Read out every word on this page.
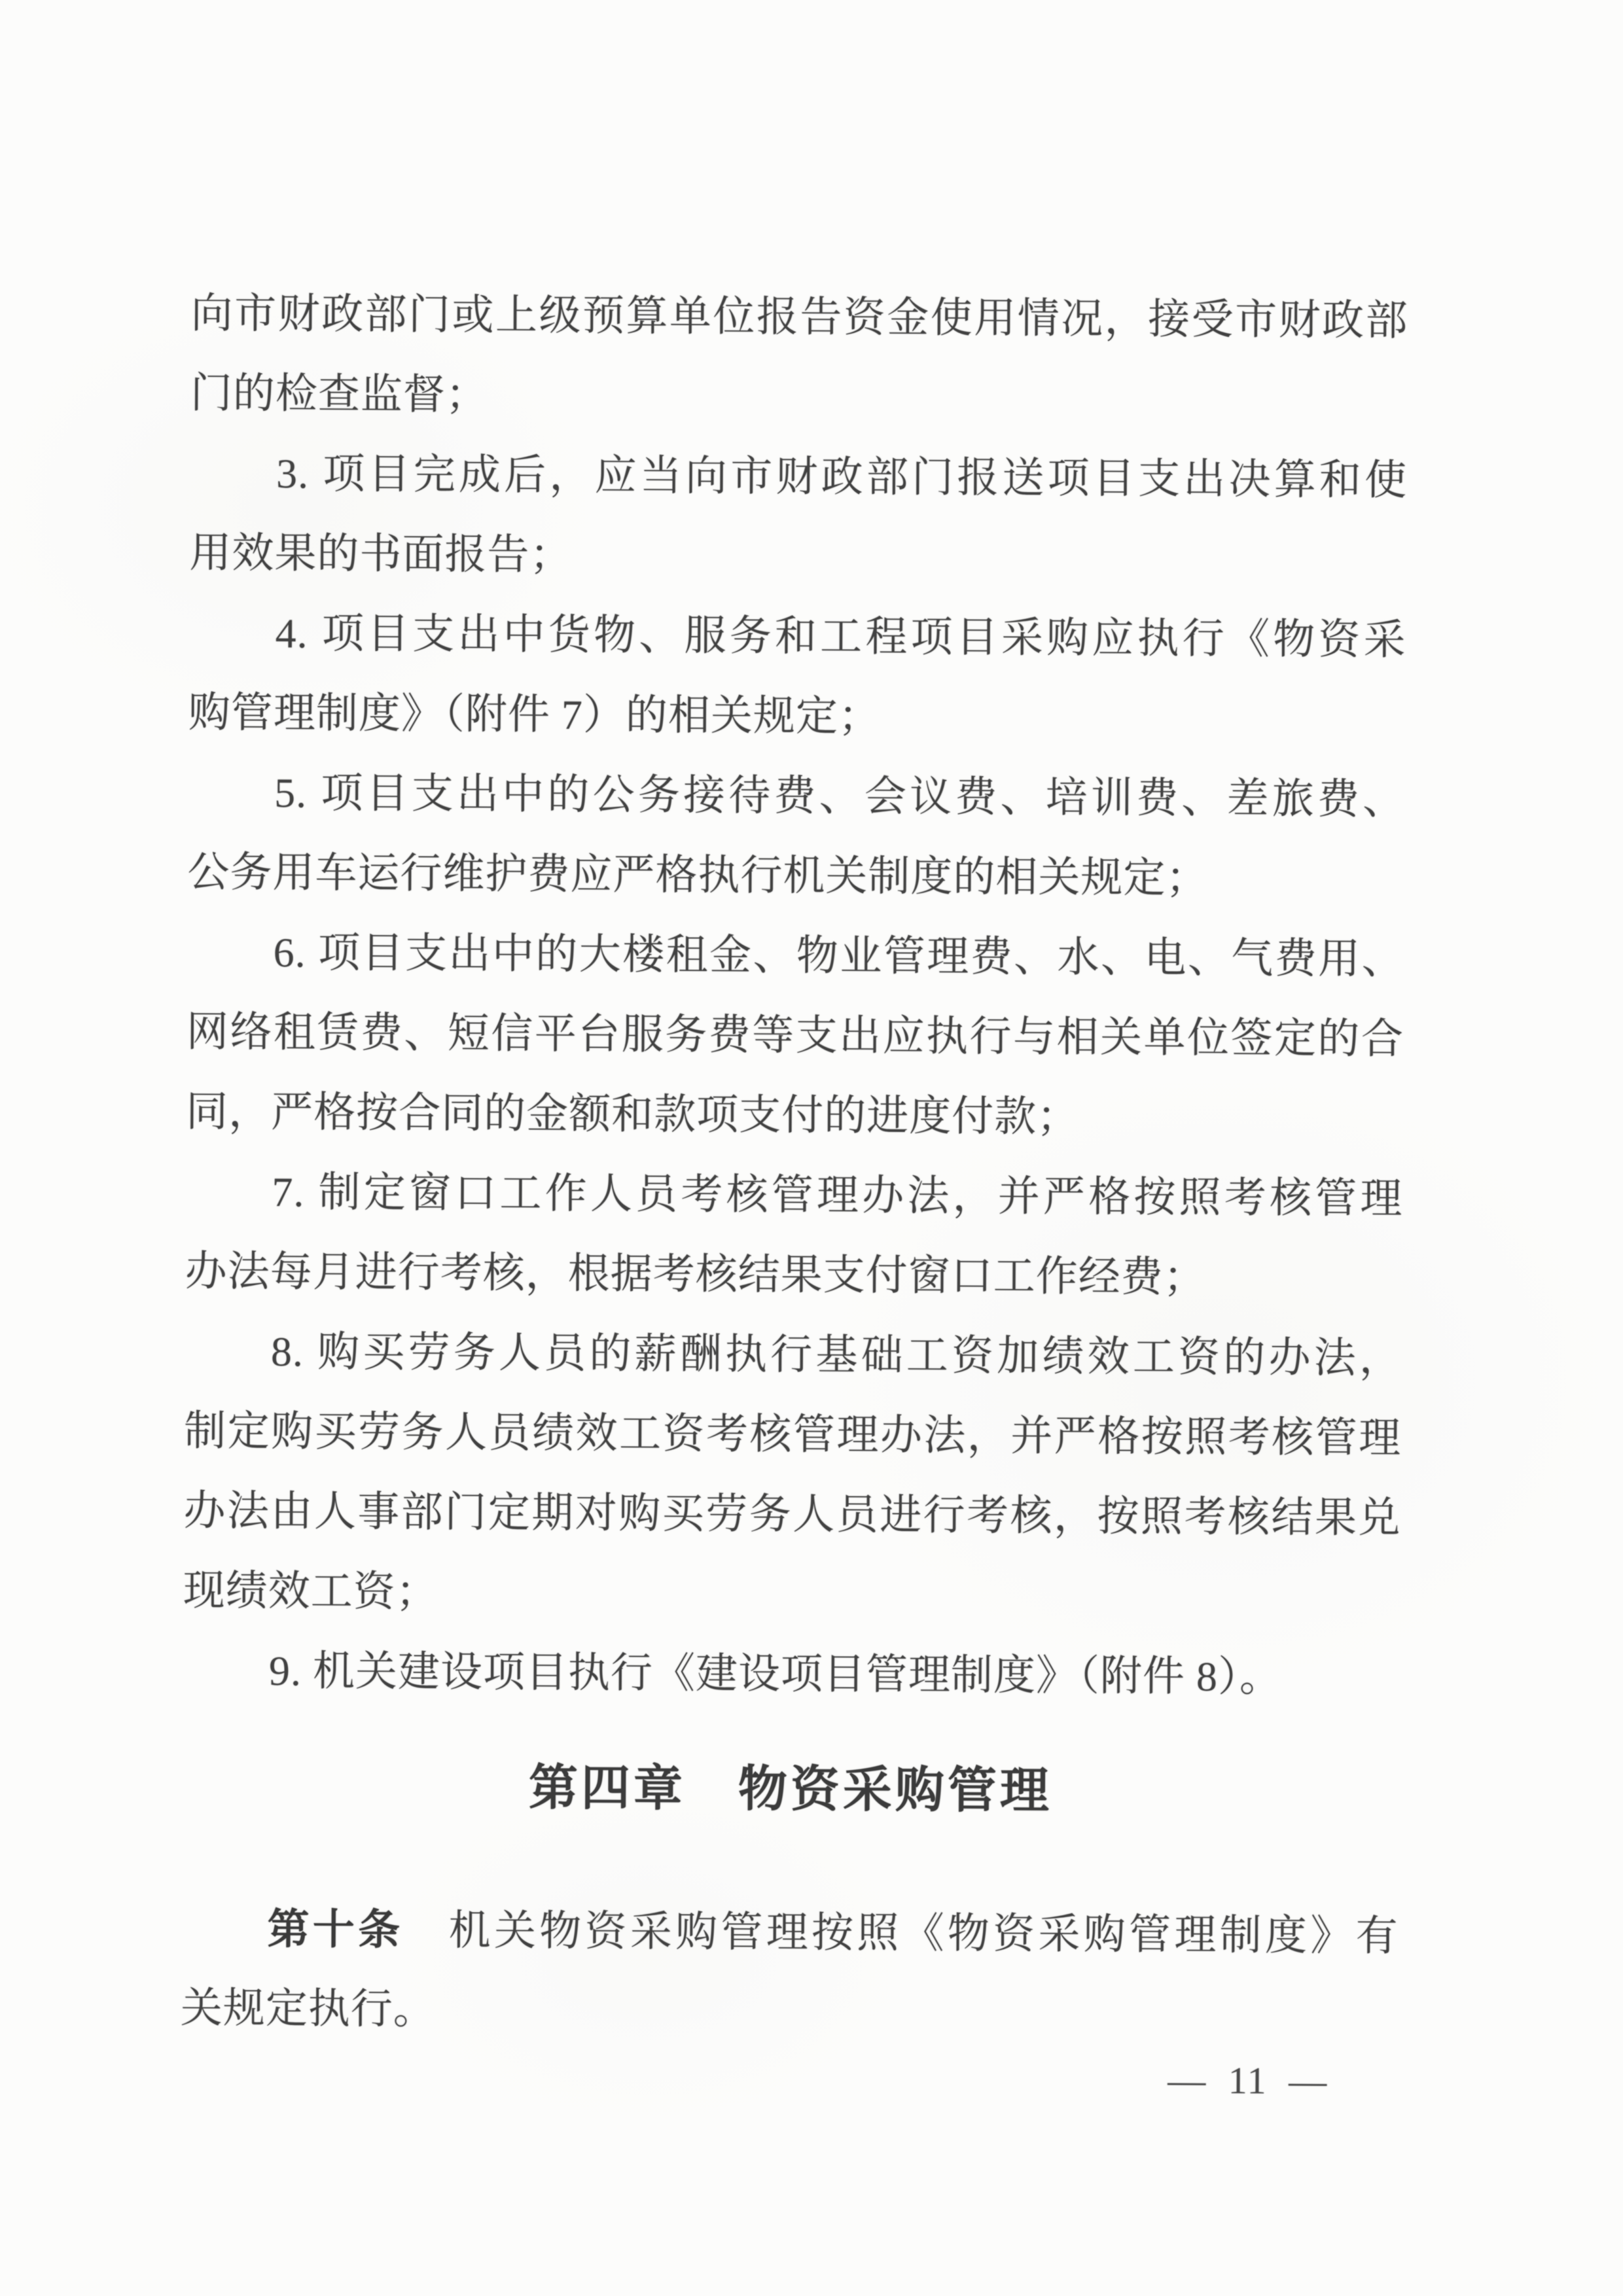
向市财政部门或上级预算单位报告资金使用情况，接受市财政部
门的检查监督；
3. 项目完成后，应当向市财政部门报送项目支出决算和使
用效果的书面报告；
4. 项目支出中货物、服务和工程项目采购应执行《物资采
购管理制度》（附件 7）的相关规定；
5. 项目支出中的公务接待费、会议费、培训费、差旅费、
公务用车运行维护费应严格执行机关制度的相关规定；
6. 项目支出中的大楼租金、物业管理费、水、电、气费用、
网络租赁费、短信平台服务费等支出应执行与相关单位签定的合
同，严格按合同的金额和款项支付的进度付款；
7. 制定窗口工作人员考核管理办法，并严格按照考核管理
办法每月进行考核，根据考核结果支付窗口工作经费；
8. 购买劳务人员的薪酬执行基础工资加绩效工资的办法，
制定购买劳务人员绩效工资考核管理办法，并严格按照考核管理
办法由人事部门定期对购买劳务人员进行考核，按照考核结果兑
现绩效工资；
9. 机关建设项目执行《建设项目管理制度》（附件 8）。
第四章　物资采购管理
第十条　机关物资采购管理按照《物资采购管理制度》有
关规定执行。
— 11 —
